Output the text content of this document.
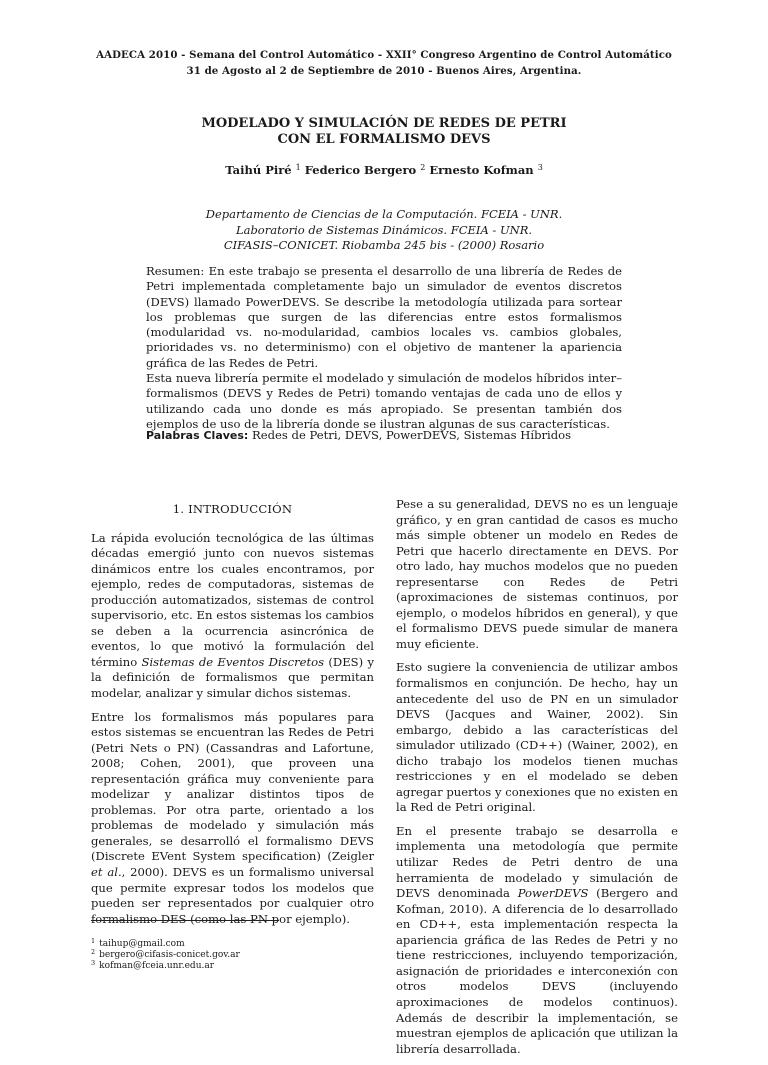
AADECA 2010 - Semana del Control Automático - XXII° Congreso Argentino de Control Automático
31 de Agosto al 2 de Septiembre de 2010 - Buenos Aires, Argentina.
MODELADO Y SIMULACIÓN DE REDES DE PETRI
CON EL FORMALISMO DEVS
Taihú Piré $^1$ Federico Bergero $^2$ Ernesto Kofman $^3$
Departamento de Ciencias de la Computación. FCEIA - UNR.
Laboratorio de Sistemas Dinámicos. FCEIA - UNR.
CIFASIS–CONICET. Riobamba 245 bis - (2000) Rosario

Resumen: En este trabajo se presenta el desarrollo de una librería de Redes de Petri implementada completamente bajo un simulador de eventos discretos (DEVS) llamado PowerDEVS. Se describe la metodología utilizada para sortear los problemas que surgen de las diferencias entre estos formalismos (modularidad vs. no-modularidad, cambios locales vs. cambios globales, prioridades vs. no determinismo) con el objetivo de mantener la apariencia gráfica de las Redes de Petri.

Esta nueva librería permite el modelado y simulación de modelos híbridos inter–formalismos (DEVS y Redes de Petri) tomando ventajas de cada uno de ellos y utilizando cada uno donde es más apropiado. Se presentan también dos ejemplos de uso de la librería donde se ilustran algunas de sus características.

Palabras Claves: Redes de Petri, DEVS, PowerDEVS, Sistemas Híbridos
1. INTRODUCCIÓN

La rápida evolución tecnológica de las últimas décadas emergió junto con nuevos sistemas dinámicos entre los cuales encontramos, por ejemplo, redes de computadoras, sistemas de producción automatizados, sistemas de control supervisorio, etc. En estos sistemas los cambios se deben a la ocurrencia asincrónica de eventos, lo que motivó la formulación del término Sistemas de Eventos Discretos (DES) y la definición de formalismos que permitan modelar, analizar y simular dichos sistemas.

Entre los formalismos más populares para estos sistemas se encuentran las Redes de Petri (Petri Nets o PN) (Cassandras and Lafortune, 2008; Cohen, 2001), que proveen una representación gráfica muy conveniente para modelizar y analizar distintos tipos de problemas. Por otra parte, orientado a los problemas de modelado y simulación más generales, se desarrolló el formalismo DEVS (Discrete EVent System specification) (Zeigler et al., 2000). DEVS es un formalismo universal que permite expresar todos los modelos que pueden ser representados por cualquier otro formalismo DES (como las PN por ejemplo).

Pese a su generalidad, DEVS no es un lenguaje gráfico, y en gran cantidad de casos es mucho más simple obtener un modelo en Redes de Petri que hacerlo directamente en DEVS. Por otro lado, hay muchos modelos que no pueden representarse con Redes de Petri (aproximaciones de sistemas continuos, por ejemplo, o modelos híbridos en general), y que el formalismo DEVS puede simular de manera muy eficiente.

Esto sugiere la conveniencia de utilizar ambos formalismos en conjunción. De hecho, hay un antecedente del uso de PN en un simulador DEVS (Jacques and Wainer, 2002). Sin embargo, debido a las características del simulador utilizado (CD++) (Wainer, 2002), en dicho trabajo los modelos tienen muchas restricciones y en el modelado se deben agregar puertos y conexiones que no existen en la Red de Petri original.

En el presente trabajo se desarrolla e implementa una metodología que permite utilizar Redes de Petri dentro de una herramienta de modelado y simulación de DEVS denominada PowerDEVS (Bergero and Kofman, 2010). A diferencia de lo desarrollado en CD++, esta implementación respecta la apariencia gráfica de las Redes de Petri y no tiene restricciones, incluyendo temporización, asignación de prioridades e interconexión con otros modelos DEVS (incluyendo aproximaciones de modelos continuos). Además de describir la implementación, se muestran ejemplos de aplicación que utilizan la librería desarrollada.

$^1$ taihup@gmail.com
$^2$ bergero@cifasis-conicet.gov.ar
$^3$ kofman@fceia.unr.edu.ar
